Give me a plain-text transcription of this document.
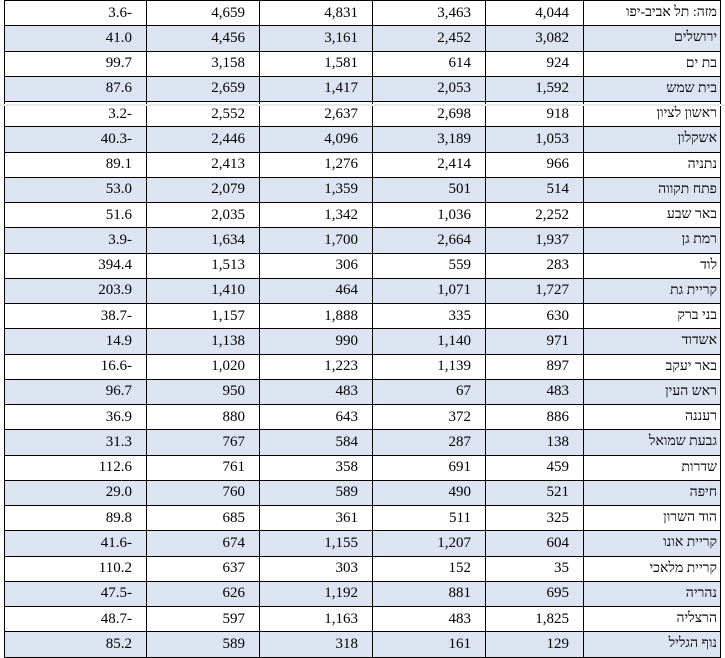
3.6-	4,659	4,831	3,463	4,044	מזה: תל אביב-יפו
41.0	4,456	3,161	2,452	3,082	ירושלים
99.7	3,158	1,581	614	924	בת ים
87.6	2,659	1,417	2,053	1,592	בית שמש
3.2-	2,552	2,637	2,698	918	ראשון לציון
40.3-	2,446	4,096	3,189	1,053	אשקלון
89.1	2,413	1,276	2,414	966	נתניה
53.0	2,079	1,359	501	514	פתח תקווה
51.6	2,035	1,342	1,036	2,252	באר שבע
3.9-	1,634	1,700	2,664	1,937	רמת גן
394.4	1,513	306	559	283	לוד
203.9	1,410	464	1,071	1,727	קריית גת
38.7-	1,157	1,888	335	630	בני ברק
14.9	1,138	990	1,140	971	אשדוד
16.6-	1,020	1,223	1,139	897	באר יעקב
96.7	950	483	67	483	ראש העין
36.9	880	643	372	886	רעננה
31.3	767	584	287	138	גבעת שמואל
112.6	761	358	691	459	שדרות
29.0	760	589	490	521	חיפה
89.8	685	361	511	325	הוד השרון
41.6-	674	1,155	1,207	604	קריית אונו
110.2	637	303	152	35	קריית מלאכי
47.5-	626	1,192	881	695	נהריה
48.7-	597	1,163	483	1,825	הרצליה
85.2	589	318	161	129	נוף הגליל
